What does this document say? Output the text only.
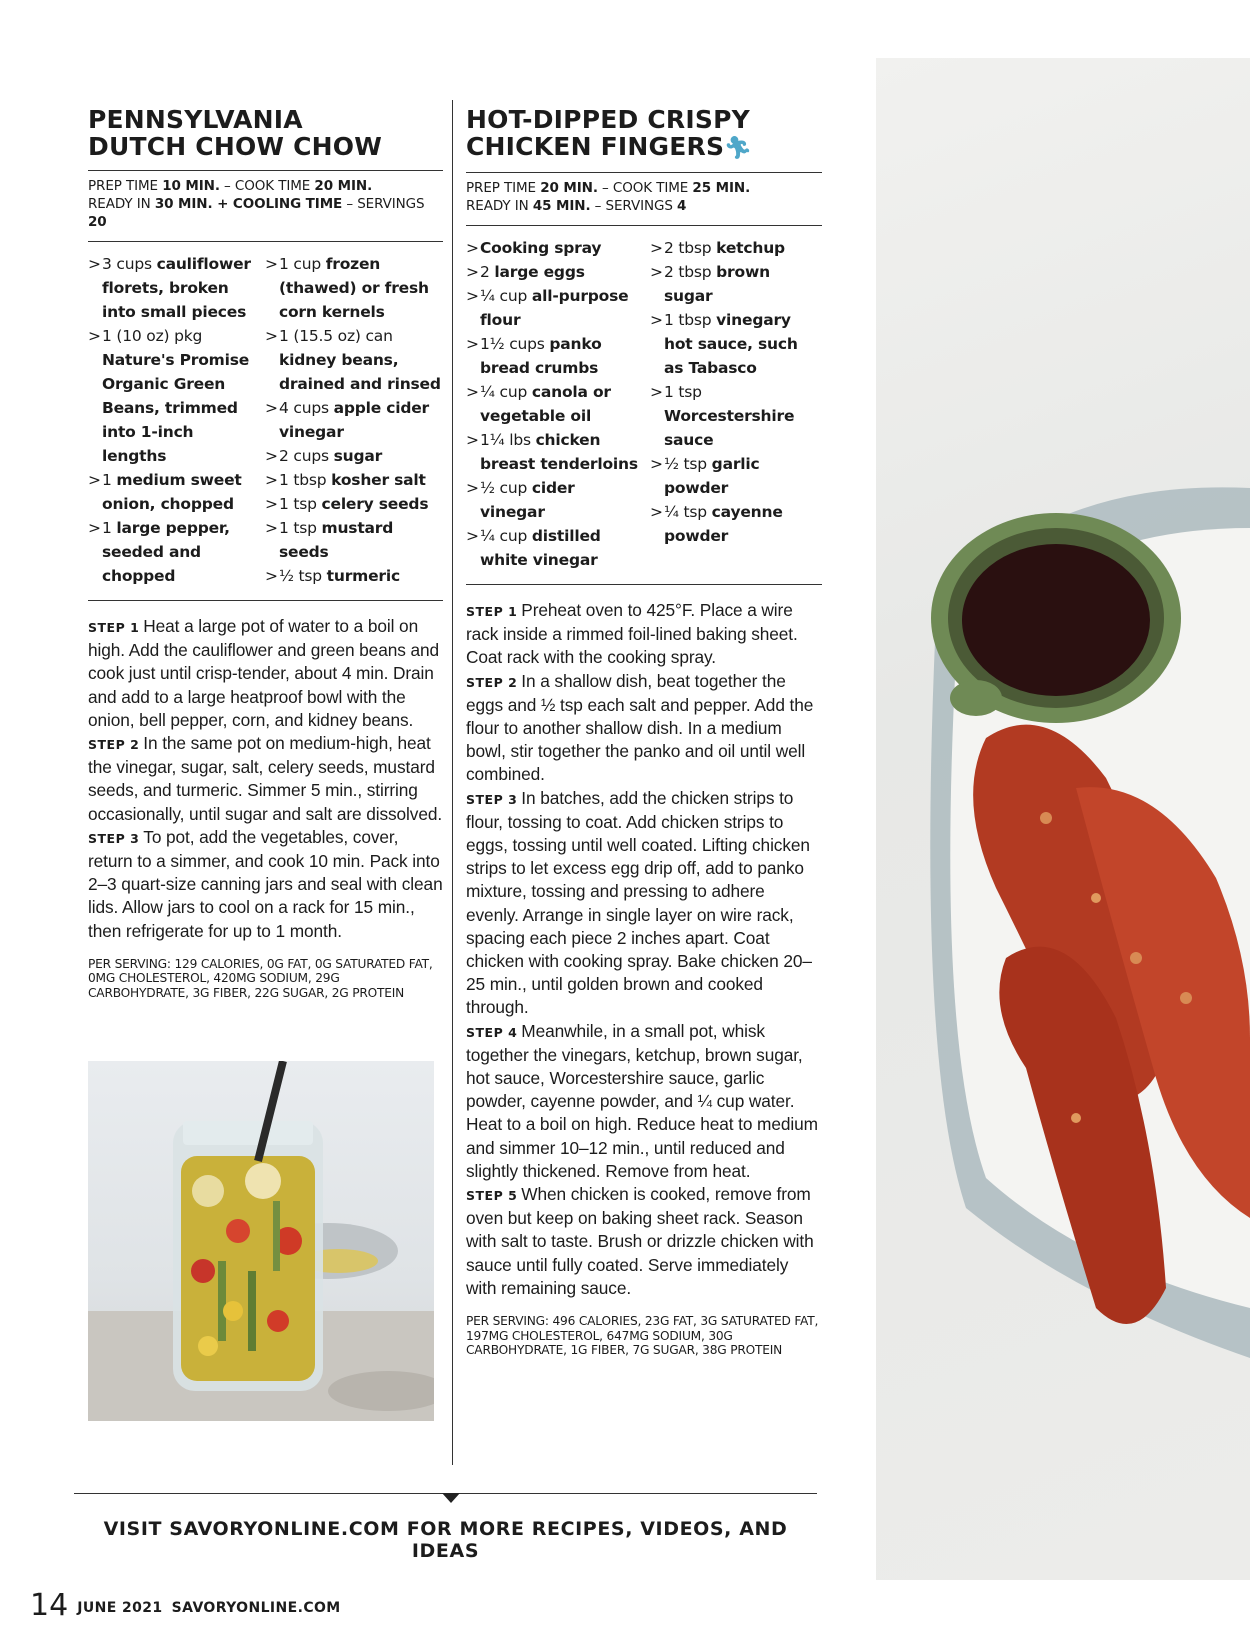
PENNSYLVANIA
DUTCH CHOW CHOW
PREP TIME 10 MIN. – COOK TIME 20 MIN.
READY IN 30 MIN. + COOLING TIME – SERVINGS 20
>3 cups cauliflower florets, broken into small pieces
>1 (10 oz) pkg Nature's Promise Organic Green Beans, trimmed into 1-inch lengths
>1 medium sweet onion, chopped
>1 large pepper, seeded and chopped
>1 cup frozen (thawed) or fresh corn kernels
>1 (15.5 oz) can kidney beans, drained and rinsed
>4 cups apple cider vinegar
>2 cups sugar
>1 tbsp kosher salt
>1 tsp celery seeds
>1 tsp mustard seeds
>½ tsp turmeric

STEP 1 Heat a large pot of water to a boil on high. Add the cauliflower and green beans and cook just until crisp-tender, about 4 min. Drain and add to a large heatproof bowl with the onion, bell pepper, corn, and kidney beans.

STEP 2 In the same pot on medium-high, heat the vinegar, sugar, salt, celery seeds, mustard seeds, and turmeric. Simmer 5 min., stirring occasionally, until sugar and salt are dissolved.

STEP 3 To pot, add the vegetables, cover, return to a simmer, and cook 10 min. Pack into 2–3 quart-size canning jars and seal with clean lids. Allow jars to cool on a rack for 15 min., then refrigerate for up to 1 month.

PER SERVING: 129 CALORIES, 0G FAT, 0G SATURATED FAT, 0MG CHOLESTEROL, 420MG SODIUM, 29G CARBOHYDRATE, 3G FIBER, 22G SUGAR, 2G PROTEIN
HOT-DIPPED CRISPY
CHICKEN FINGERS🏃︎
PREP TIME 20 MIN. – COOK TIME 25 MIN.
READY IN 45 MIN. – SERVINGS 4
>Cooking spray
>2 large eggs
>¼ cup all-purpose flour
>1½ cups panko bread crumbs
>¼ cup canola or vegetable oil
>1¼ lbs chicken breast tenderloins
>½ cup cider vinegar
>¼ cup distilled white vinegar
>2 tbsp ketchup
>2 tbsp brown sugar
>1 tbsp vinegary hot sauce, such as Tabasco
>1 tsp Worcestershire sauce
>½ tsp garlic powder
>¼ tsp cayenne powder

STEP 1 Preheat oven to 425°F. Place a wire rack inside a rimmed foil-lined baking sheet. Coat rack with the cooking spray.

STEP 2 In a shallow dish, beat together the eggs and ½ tsp each salt and pepper. Add the flour to another shallow dish. In a medium bowl, stir together the panko and oil until well combined.

STEP 3 In batches, add the chicken strips to flour, tossing to coat. Add chicken strips to eggs, tossing until well coated. Lifting chicken strips to let excess egg drip off, add to panko mixture, tossing and pressing to adhere evenly. Arrange in single layer on wire rack, spacing each piece 2 inches apart. Coat chicken with cooking spray. Bake chicken 20–25 min., until golden brown and cooked through.

STEP 4 Meanwhile, in a small pot, whisk together the vinegars, ketchup, brown sugar, hot sauce, Worcestershire sauce, garlic powder, cayenne powder, and ¼ cup water. Heat to a boil on high. Reduce heat to medium and simmer 10–12 min., until reduced and slightly thickened. Remove from heat.

STEP 5 When chicken is cooked, remove from oven but keep on baking sheet rack. Season with salt to taste. Brush or drizzle chicken with sauce until fully coated. Serve immediately with remaining sauce.

PER SERVING: 496 CALORIES, 23G FAT, 3G SATURATED FAT, 197MG CHOLESTEROL, 647MG SODIUM, 30G CARBOHYDRATE, 1G FIBER, 7G SUGAR, 38G PROTEIN
VISIT SAVORYONLINE.COM FOR MORE RECIPES, VIDEOS, AND IDEAS
14 JUNE 2021 SAVORYONLINE.COM
